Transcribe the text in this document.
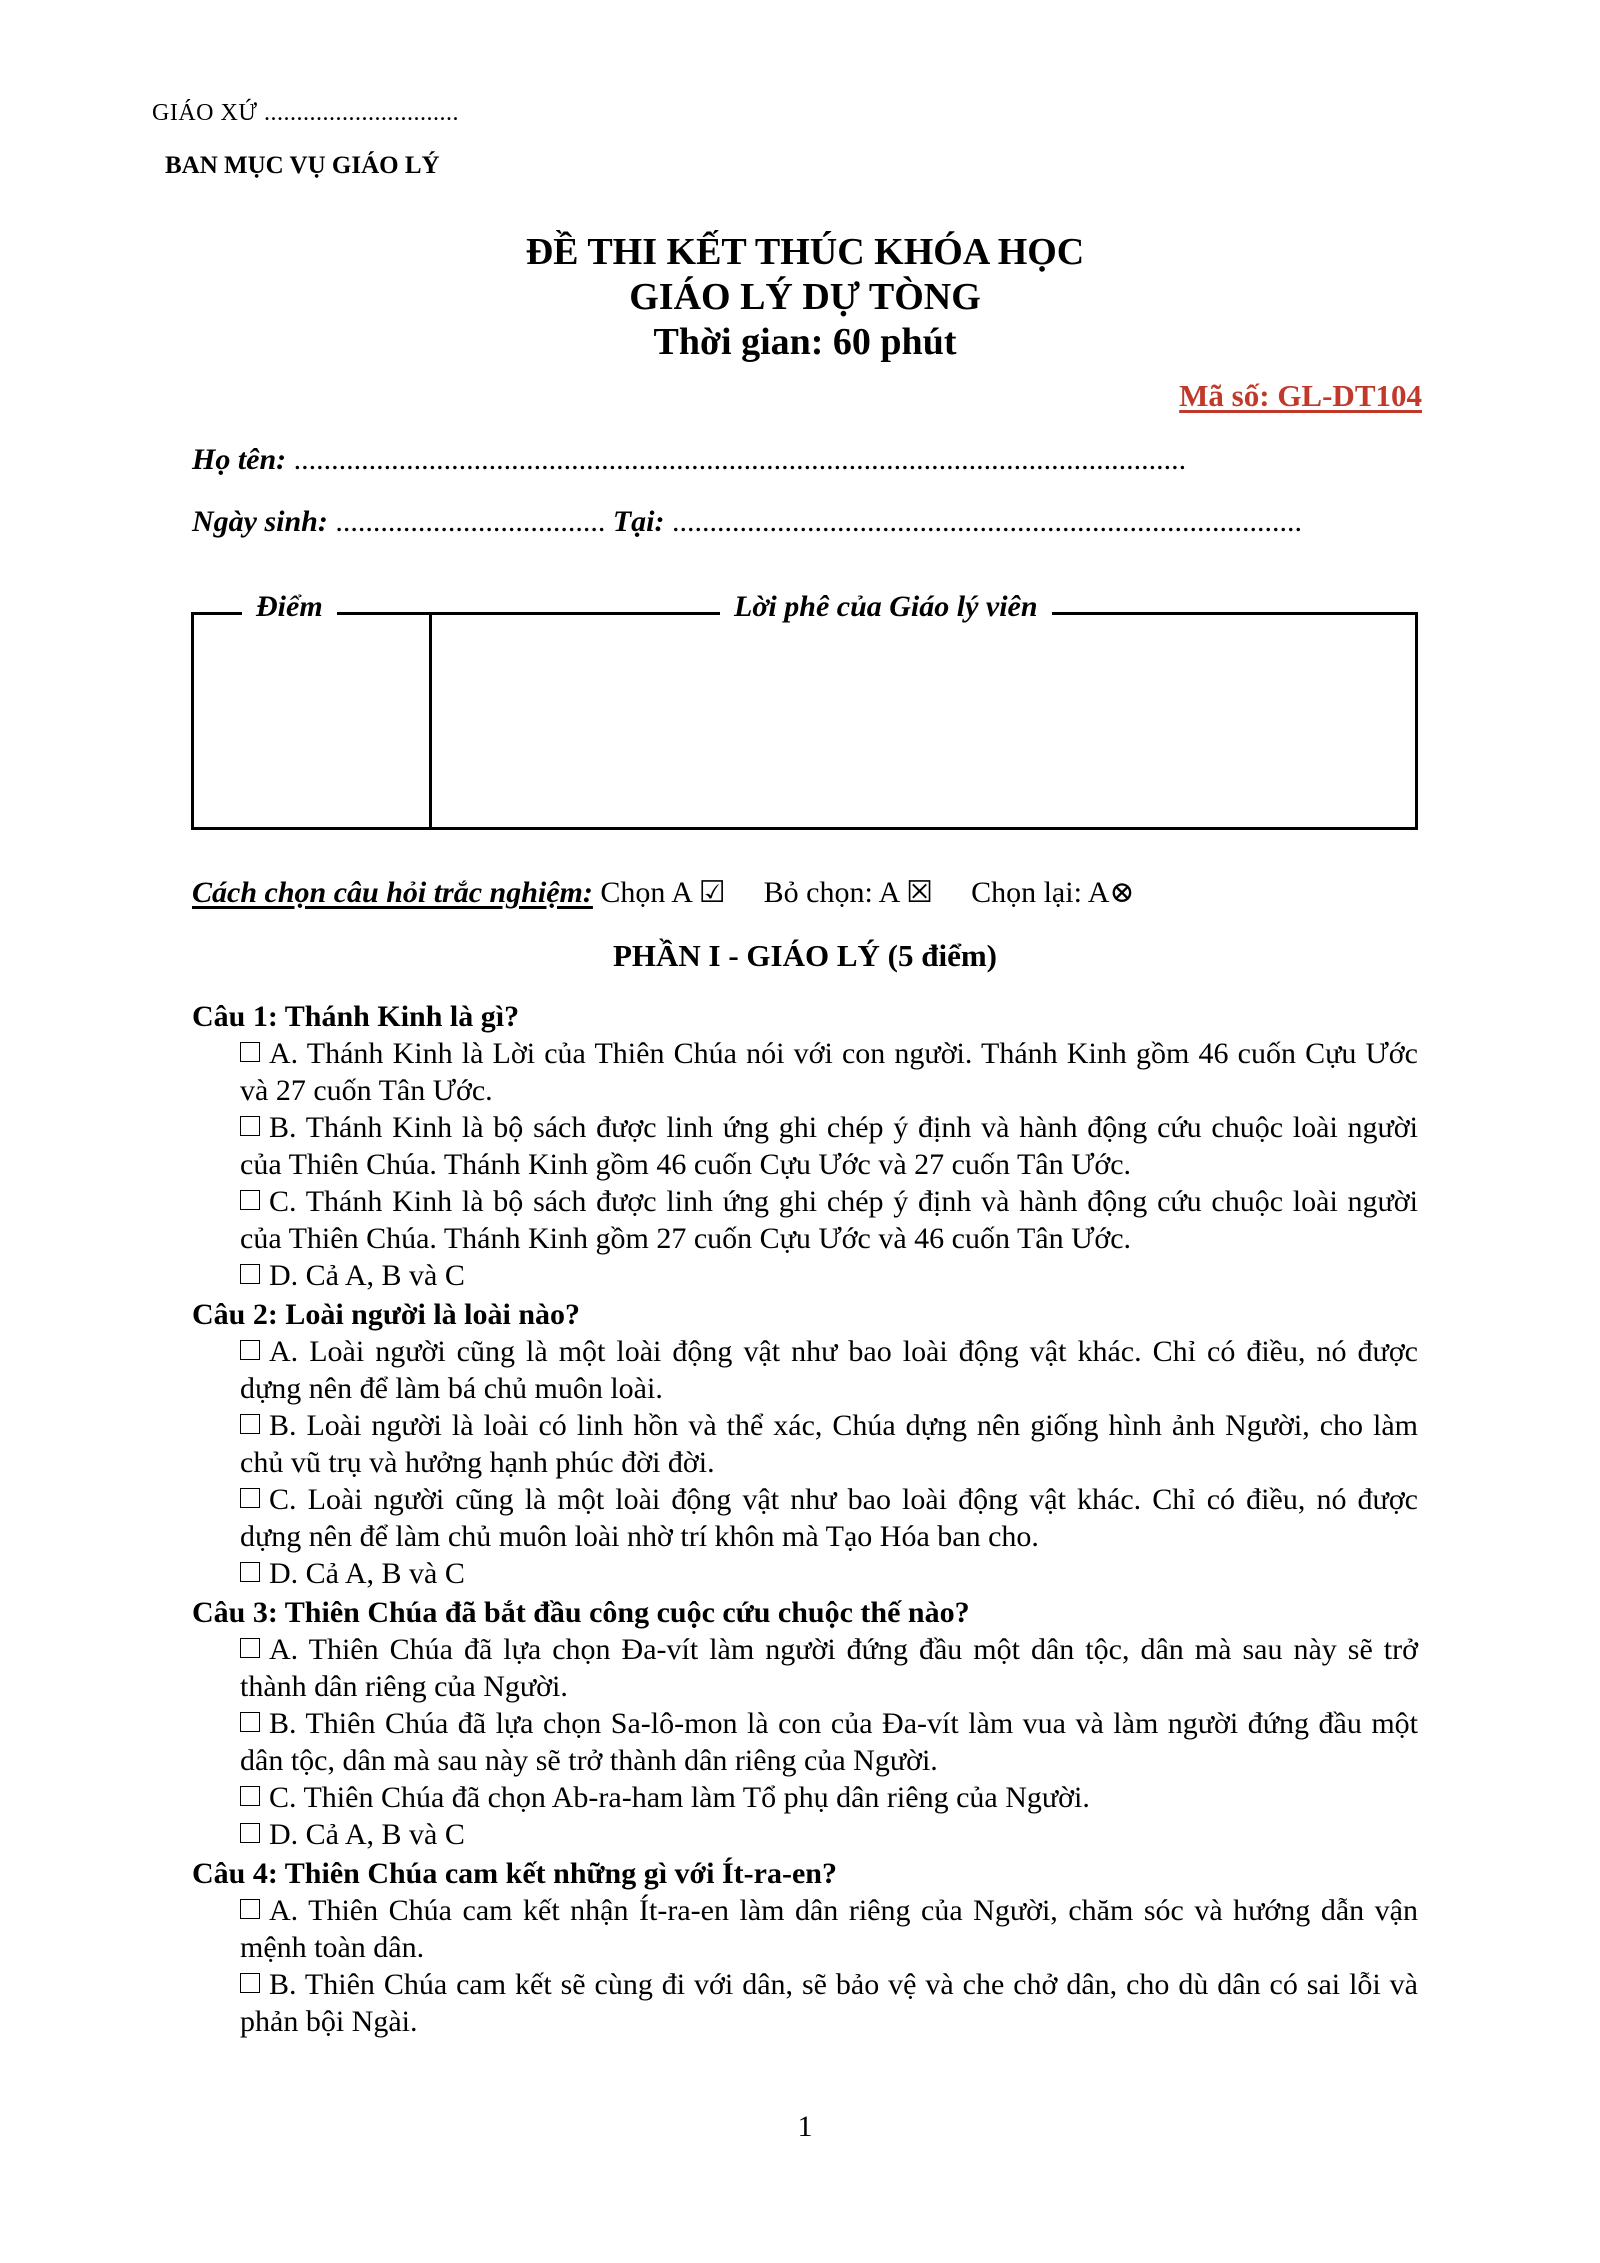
GIÁO XỨ ..............................
BAN MỤC VỤ GIÁO LÝ
ĐỀ THI KẾT THÚC KHÓA HỌC
GIÁO LÝ DỰ TÒNG
Thời gian: 60 phút
Mã số: GL-DT104
Họ tên: .......................................................................................................................
Ngày sinh: .................................... Tại: ....................................................................................
Điểm	Lời phê của Giáo lý viên
Cách chọn câu hỏi trắc nghiệm: Chọn A ☑ Bỏ chọn: A ☒ Chọn lại: A⊗
PHẦN I - GIÁO LÝ (5 điểm)
Câu 1: Thánh Kinh là gì?
A. Thánh Kinh là Lời của Thiên Chúa nói với con người. Thánh Kinh gồm 46 cuốn Cựu Ước và 27 cuốn Tân Ước.
B. Thánh Kinh là bộ sách được linh ứng ghi chép ý định và hành động cứu chuộc loài người của Thiên Chúa. Thánh Kinh gồm 46 cuốn Cựu Ước và 27 cuốn Tân Ước.
C. Thánh Kinh là bộ sách được linh ứng ghi chép ý định và hành động cứu chuộc loài người của Thiên Chúa. Thánh Kinh gồm 27 cuốn Cựu Ước và 46 cuốn Tân Ước.
D. Cả A, B và C
Câu 2: Loài người là loài nào?
A. Loài người cũng là một loài động vật như bao loài động vật khác. Chỉ có điều, nó được dựng nên để làm bá chủ muôn loài.
B. Loài người là loài có linh hồn và thể xác, Chúa dựng nên giống hình ảnh Người, cho làm chủ vũ trụ và hưởng hạnh phúc đời đời.
C. Loài người cũng là một loài động vật như bao loài động vật khác. Chỉ có điều, nó được dựng nên để làm chủ muôn loài nhờ trí khôn mà Tạo Hóa ban cho.
D. Cả A, B và C
Câu 3: Thiên Chúa đã bắt đầu công cuộc cứu chuộc thế nào?
A. Thiên Chúa đã lựa chọn Đa-vít làm người đứng đầu một dân tộc, dân mà sau này sẽ trở thành dân riêng của Người.
B. Thiên Chúa đã lựa chọn Sa-lô-mon là con của Đa-vít làm vua và làm người đứng đầu một dân tộc, dân mà sau này sẽ trở thành dân riêng của Người.
C. Thiên Chúa đã chọn Ab-ra-ham làm Tổ phụ dân riêng của Người.
D. Cả A, B và C
Câu 4: Thiên Chúa cam kết những gì với Ít-ra-en?
A. Thiên Chúa cam kết nhận Ít-ra-en làm dân riêng của Người, chăm sóc và hướng dẫn vận mệnh toàn dân.
B. Thiên Chúa cam kết sẽ cùng đi với dân, sẽ bảo vệ và che chở dân, cho dù dân có sai lỗi và phản bội Ngài.
1
